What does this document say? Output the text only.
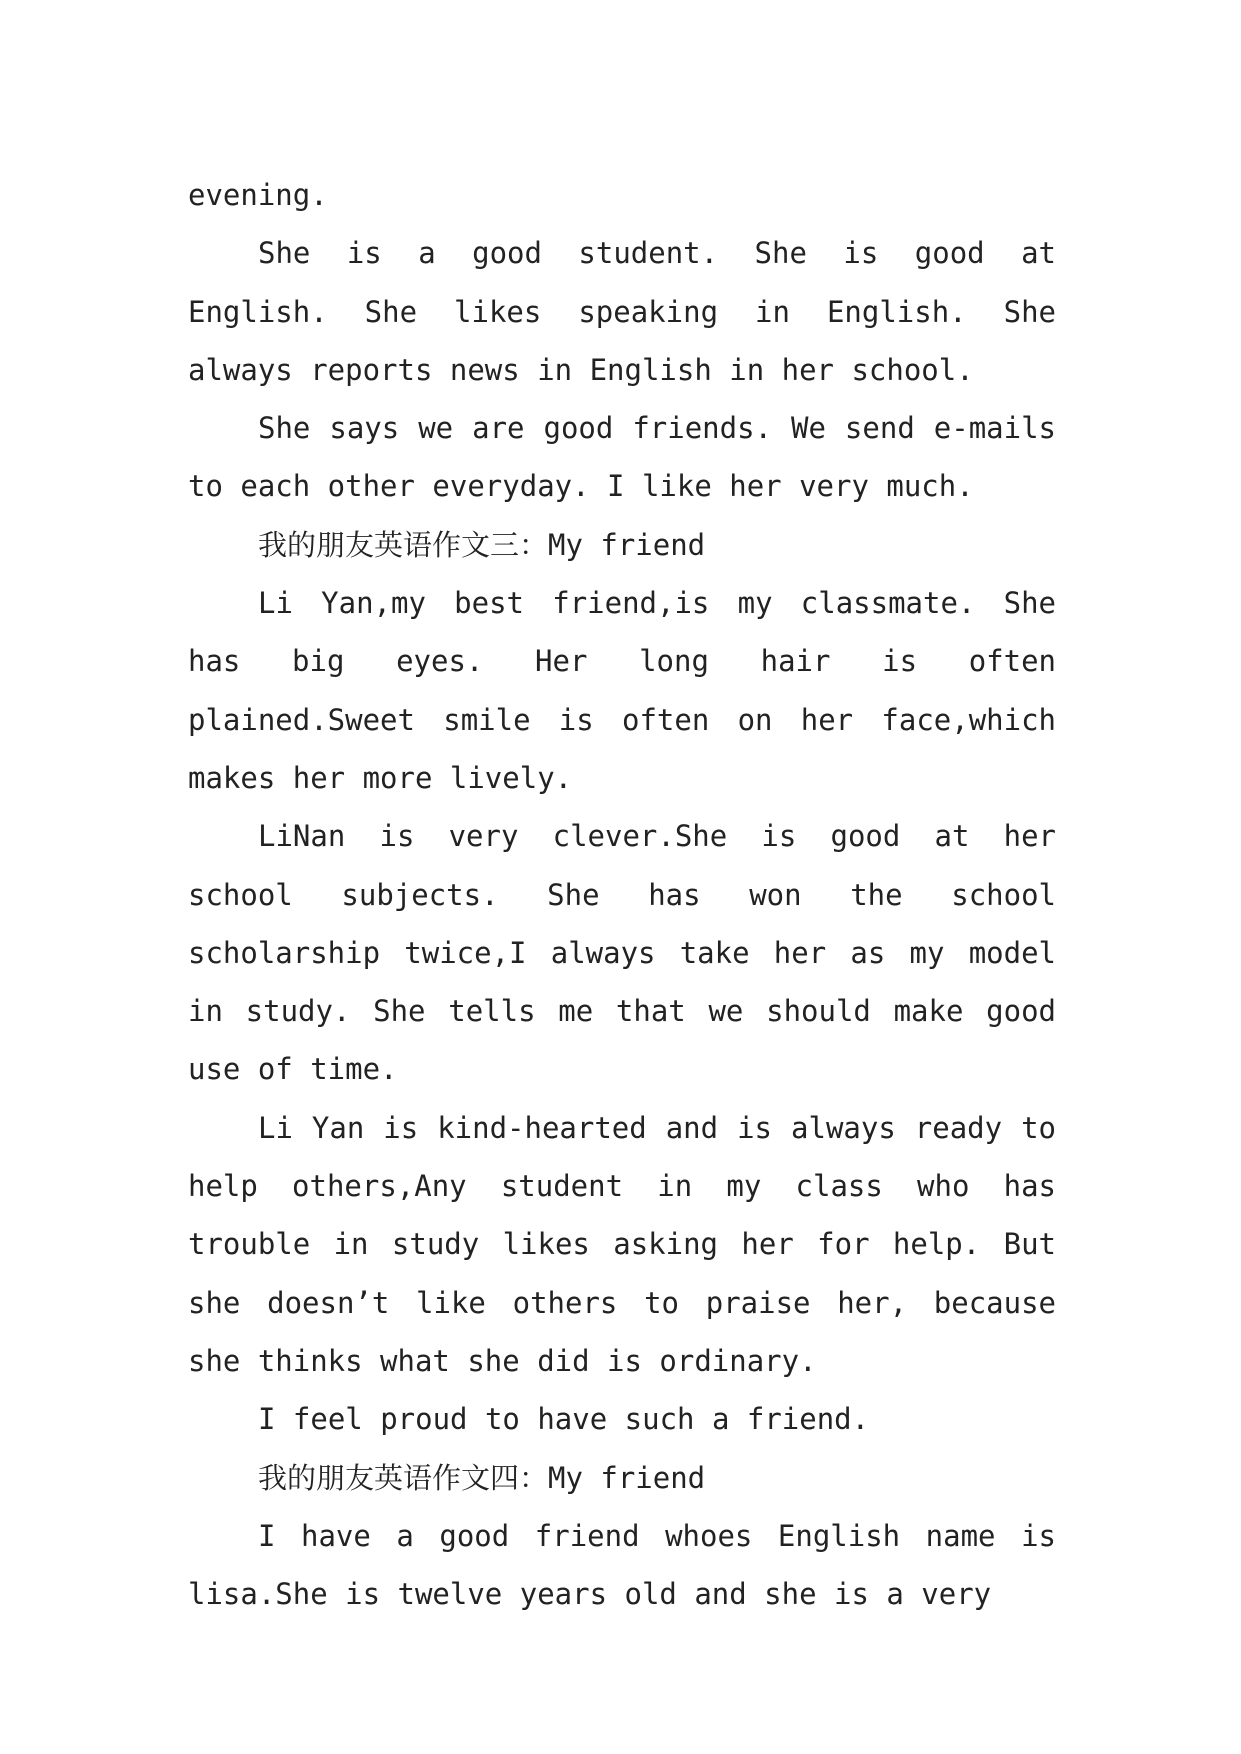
evening.

She is a good student. She is good at English. She likes speaking in English. She always reports news in English in her school.

She says we are good friends. We send e-mails to each other everyday. I like her very much.

我的朋友英语作文三：My friend

Li Yan,my best friend,is my classmate. She has big eyes. Her long hair is often plained.Sweet smile is often on her face,which makes her more lively.

LiNan is very clever.She is good at her school subjects. She has won the school scholarship twice,I always take her as my model in study. She tells me that we should make good use of time.

Li Yan is kind-hearted and is always ready to help others,Any student in my class who has trouble in study likes asking her for help. But she doesn’t like others to praise her, because she thinks what she did is ordinary.

I feel proud to have such a friend.

我的朋友英语作文四：My friend

I have a good friend whoes English name is lisa.She is twelve years old and she is a very
